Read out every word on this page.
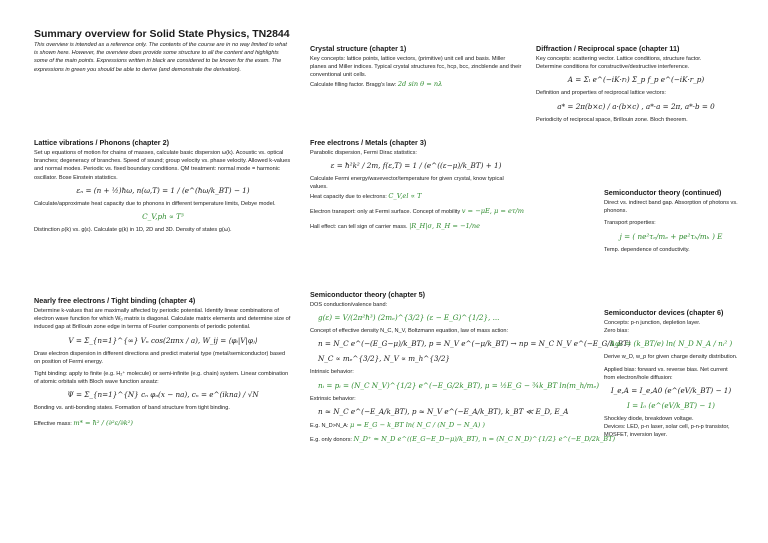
Summary overview for Solid State Physics, TN2844
This overview is intended as a reference only. The contents of the course are in no way limited to what is shown here. However, the overview does provide some structure to all the content and highlights some of the main points. Expressions written in black are considered to be known for the exam. The expressions in green you should be able to derive (and demonstrate the derivation).
Lattice vibrations / Phonons (chapter 2)
Set up equations of motion for chains of masses, calculate basic dispersion ω(k). Acoustic vs. optical branches; degeneracy of branches. Speed of sound; group velocity vs. phase velocity. Allowed k-values and normal modes. Periodic vs. fixed boundary conditions. QM treatment: normal mode = harmonic oscillator. Bose Einstein statistics.
εₙ = (n + ½)ħω, n(ω,T) = 1 / (e^(ħω/k_BT) − 1)
Calculate/approximate heat capacity due to phonons in different temperature limits, Debye model.
C_V,ph ∝ T³
Distinction ρ(k) vs. g(ε). Calculate g(k) in 1D, 2D and 3D. Density of states g(ω).
Nearly free electrons / Tight binding (chapter 4)
Determine k-values that are maximally affected by periodic potential. Identify linear combinations of electron wave function for which W₀ matrix is diagonal. Calculate matrix elements and determine size of induced gap at Brillouin zone edge in terms of Fourier components of periodic potential.
V = Σ_{n=1}^{∞} Vₙ cos(2πnx / a), W_ij = ⟨φᵢ|V|φⱼ⟩
Draw electron dispersion in different directions and predict material type (metal/semiconductor) based on position of Fermi energy.
Tight binding: apply to finite (e.g. H₂⁺ molecule) or semi-infinite (e.g. chain) system. Linear combination of atomic orbitals with Bloch wave function ansatz:
Ψ = Σ_{n=1}^{N} cₙ φₐ(x − na), cₙ = e^(ikna) / √N
Bonding vs. anti-bonding states. Formation of band structure from tight binding.
Effective mass: m* = ħ² / (∂²ε/∂k²)
Crystal structure (chapter 1)
Key concepts: lattice points, lattice vectors, (primitive) unit cell and basis. Miller planes and Miller indices. Typical crystal structures fcc, hcp, bcc, zincblende and their conventional unit cells.
Calculate filling factor. Bragg's law: 2d sin θ = nλ
Free electrons / Metals (chapter 3)
Parabolic dispersion, Fermi Dirac statistics:
ε = ħ²k² / 2m, f(ε,T) = 1 / (e^((ε−μ)/k_BT) + 1)
Calculate Fermi energy/wavevector/temperature for given crystal, know typical values.
Heat capacity due to electrons: C_V,el ∝ T
Electron transport: only at Fermi surface. Concept of mobility v = −μE, μ = eτ/m
Hall effect: can tell sign of carrier mass. |R_H|σ, R_H = −1/ne
Semiconductor theory (chapter 5)
DOS conduction/valence band:
g(ε) = V/(2π²ħ³) (2mₑ)^{3/2} (ε − E_G)^{1/2}, ...
Concept of effective density N_C, N_V, Boltzmann equation, law of mass action:
n = N_C e^(−(E_G−μ)/k_BT), p = N_V e^(−μ/k_BT) → np = N_C N_V e^(−E_G/k_BT)
N_C ∝ mₑ^{3/2}, N_V ∝ m_h^{3/2}
Intrinsic behavior:
nᵢ = pᵢ = (N_C N_V)^{1/2} e^(−E_G/2k_BT), μ = ½E_G − ¾k_BT ln(m_h/mₑ)
Extrinsic behavior:
n ≈ N_C e^(−E_A/k_BT), p ≈ N_V e^(−E_A/k_BT), k_BT ≪ E_D, E_A
E.g. N_D>N_A: μ = E_G − k_BT ln( N_C / (N_D − N_A) )
E.g. only donors: N_D⁺ ≈ N_D e^((E_G−E_D−μ)/k_BT), n = (N_C N_D)^{1/2} e^(−E_D/2k_BT)
Diffraction / Reciprocal space (chapter 11)
Key concepts: scattering vector. Lattice conditions, structure factor.
Determine conditions for constructive/destructive interference.
A = Σₗ e^(−iK·rₗ) Σ_p f_p e^(−iK·r_p)
Definition and properties of reciprocal lattice vectors:
a* = 2π(b×c) / a·(b×c) , a*·a = 2π, a*·b = 0
Periodicity of reciprocal space, Brillouin zone. Bloch theorem.
Semiconductor theory (continued)
Direct vs. indirect band gap. Absorption of photons vs. phonons.
Transport properties:
j = ( ne²τₑ/mₑ + pe²τₕ/mₕ ) E
Temp. dependence of conductivity.
Semiconductor devices (chapter 6)
Concepts: p-n junction, depletion layer.
Zero bias:
Δφ₀ = (k_BT/e) ln( N_D N_A / nᵢ² )
Derive w_D, w_p for given charge density distribution.
Applied bias: forward vs. reverse bias. Net current from electron/hole diffusion:
I_e,A = I_e,A0 (e^(eV/k_BT) − 1)
I = I₀ (e^(eV/k_BT) − 1)
Shockley diode, breakdown voltage.
Devices: LED, p-n laser, solar cell, p-n-p transistor, MOSFET, inversion layer.
